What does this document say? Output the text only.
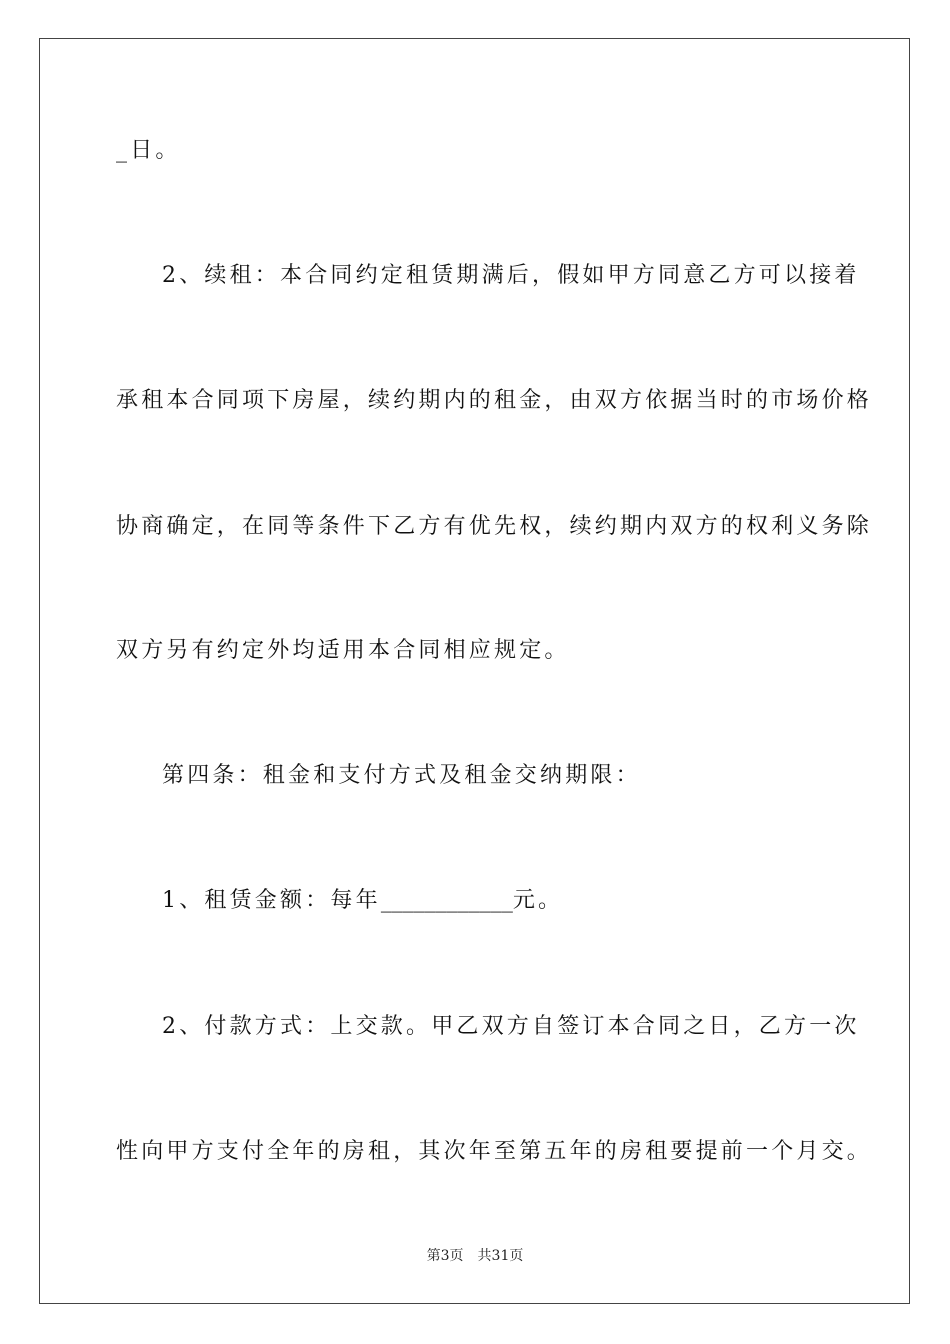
_日。
2、续租：本合同约定租赁期满后，假如甲方同意乙方可以接着
承租本合同项下房屋，续约期内的租金，由双方依据当时的市场价格
协商确定，在同等条件下乙方有优先权，续约期内双方的权利义务除
双方另有约定外均适用本合同相应规定。
第四条：租金和支付方式及租金交纳期限：
1、租赁金额：每年____________元。
2、付款方式：上交款。甲乙双方自签订本合同之日，乙方一次
性向甲方支付全年的房租，其次年至第五年的房租要提前一个月交。
第3页 共31页
